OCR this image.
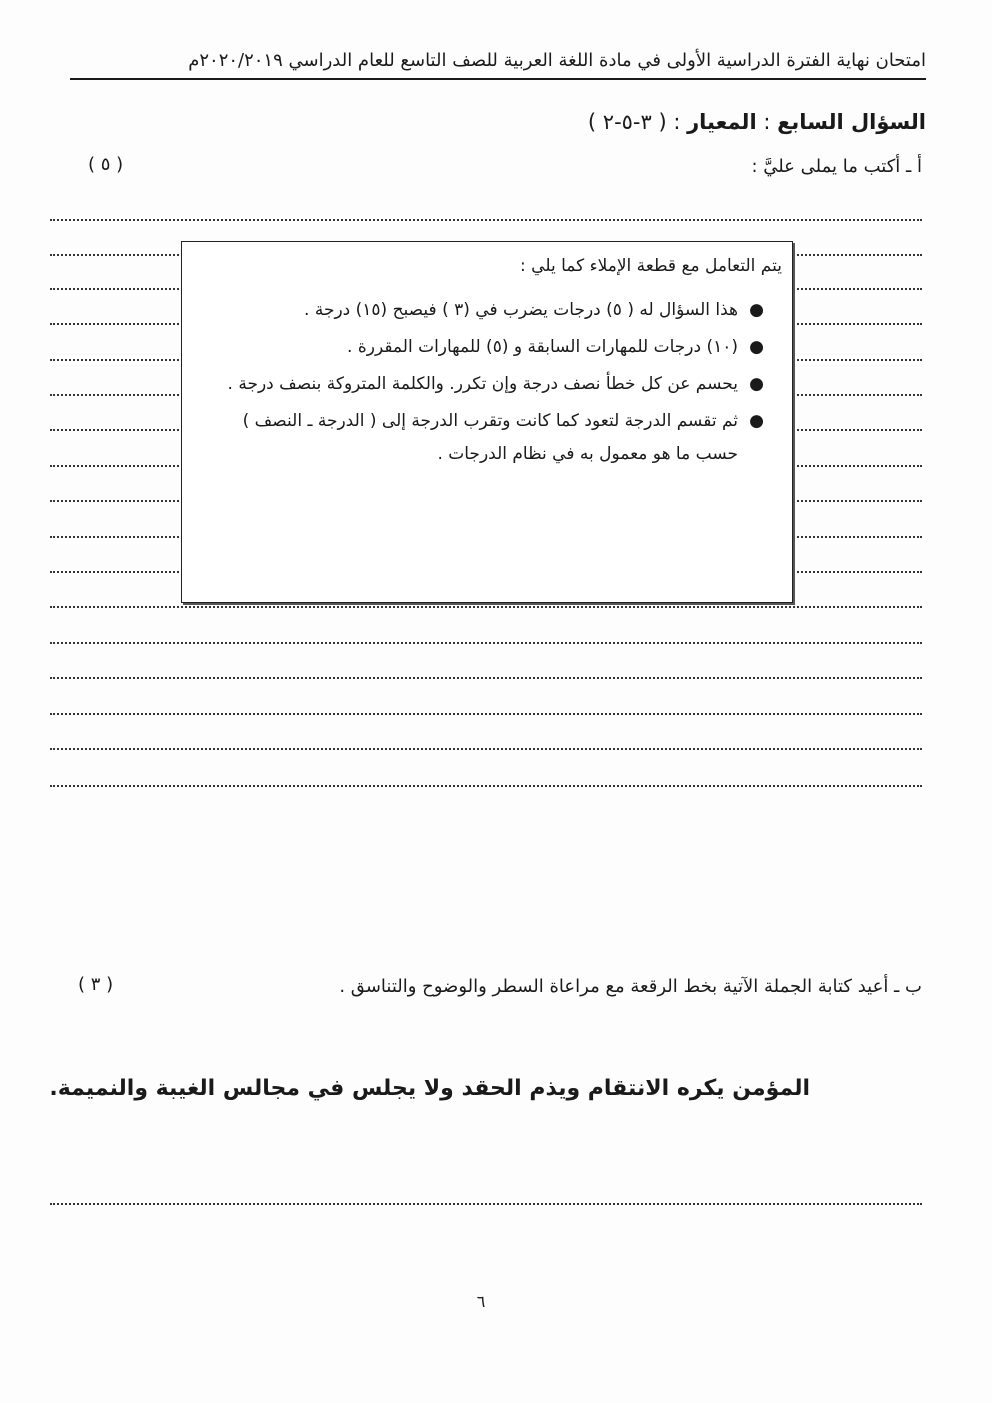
امتحان نهاية الفترة الدراسية الأولى في مادة اللغة العربية للصف التاسع للعام الدراسي ٢٠٢٠/٢٠١٩م
السؤال السابع : المعيار : ( ٣-٥-٢ )
أ ـ أكتب ما يملى عليَّ :
( ٥ )
يتم التعامل مع قطعة الإملاء كما يلي :
●
هذا السؤال له ( ٥) درجات يضرب في (٣ ) فيصبح (١٥) درجة .
●
(١٠) درجات للمهارات السابقة و (٥) للمهارات المقررة .
●
يحسم عن كل خطأ نصف درجة وإن تكرر. والكلمة المتروكة بنصف درجة .
●
ثم تقسم الدرجة لتعود كما كانت وتقرب الدرجة إلى ( الدرجة ـ النصف ) حسب ما هو معمول به في نظام الدرجات .
ب ـ أعيد كتابة الجملة الآتية بخط الرقعة مع مراعاة السطر والوضوح والتناسق .
( ٣ )
المؤمن يكره الانتقام ويذم الحقد ولا يجلس في مجالس الغيبة والنميمة.
٦
